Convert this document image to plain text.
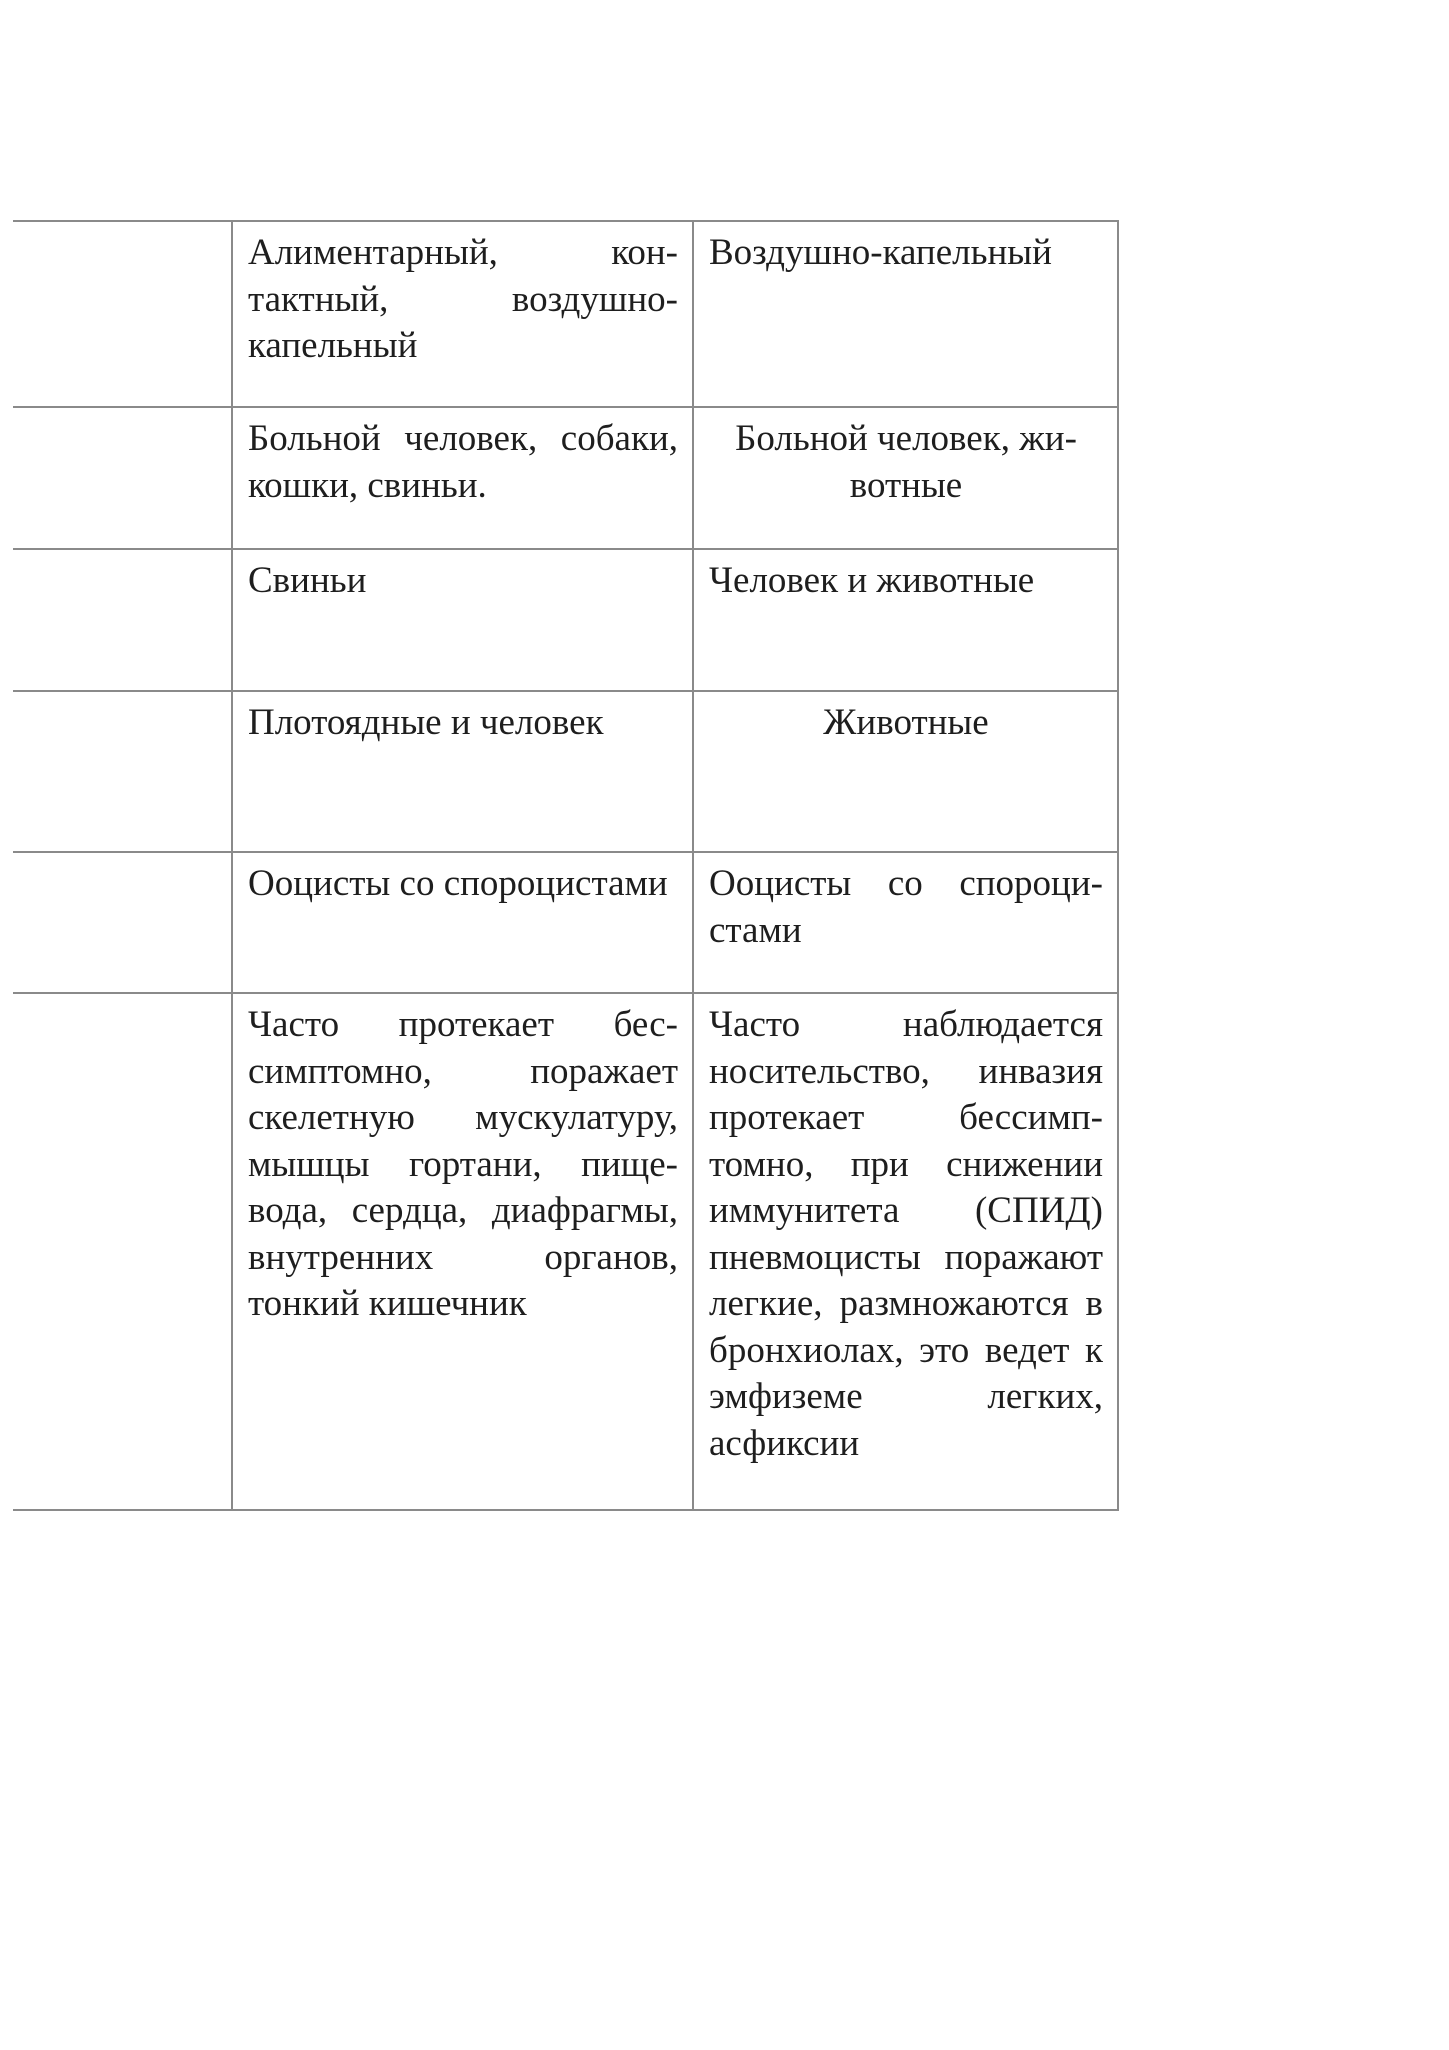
	Алиментарный, контактный, воздушно-капельный	Воздушно-капельный
	Больной человек, собаки, кошки, свиньи.	Больной человек, животные
	Свиньи	Человек и животные
	Плотоядные и человек	Животные
	Ооцисты со спороцистами	Ооцисты со спороцистами
	Часто протекает бессимптомно, поражает скелетную мускулатуру, мышцы гортани, пищевода, сердца, диафрагмы, внутренних органов, тонкий кишечник	Часто наблюдается носительство, инвазия протекает бессимптомно, при снижении иммунитета (СПИД) пневмоцисты поражают легкие, размножаются в бронхиолах, это ведет к эмфиземе легких, асфиксии
